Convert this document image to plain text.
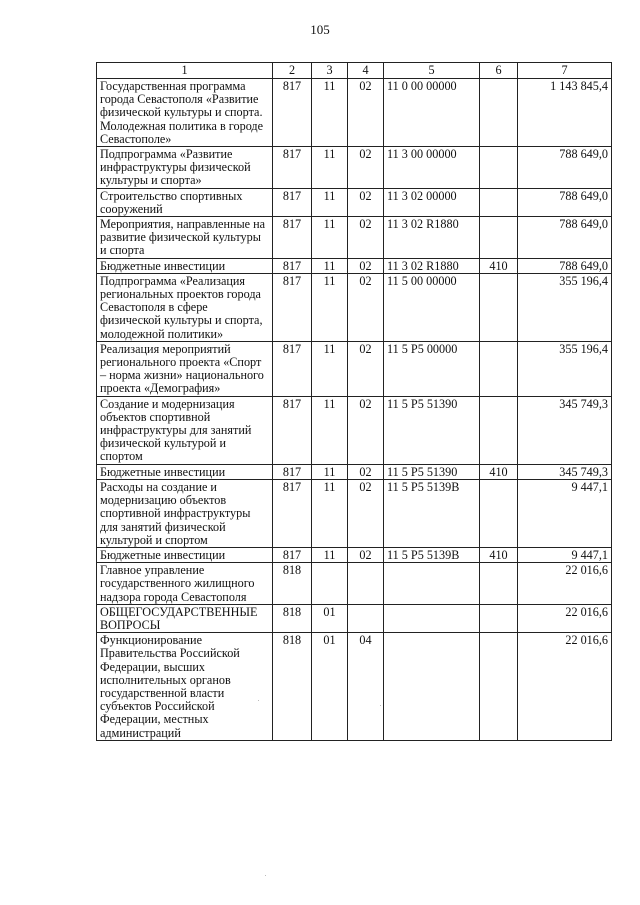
105
1	2	3	4	5	6	7
Государственная программа города Севастополя «Развитие физической культуры и спорта. Молодежная политика в городе Севастополе»	817	11	02	11 0 00 00000		1 143 845,4
Подпрограмма «Развитие инфраструктуры физической культуры и спорта»	817	11	02	11 3 00 00000		788 649,0
Строительство спортивных сооружений	817	11	02	11 3 02 00000		788 649,0
Мероприятия, направленные на развитие физической культуры и спорта	817	11	02	11 3 02 R1880		788 649,0
Бюджетные инвестиции	817	11	02	11 3 02 R1880	410	788 649,0
Подпрограмма «Реализация региональных проектов города Севастополя в сфере физической культуры и спорта, молодежной политики»	817	11	02	11 5 00 00000		355 196,4
Реализация мероприятий регионального проекта «Спорт – норма жизни» национального проекта «Демография»	817	11	02	11 5 Р5 00000		355 196,4
Создание и модернизация объектов спортивной инфраструктуры для занятий физической культурой и спортом	817	11	02	11 5 Р5 51390		345 749,3
Бюджетные инвестиции	817	11	02	11 5 Р5 51390	410	345 749,3
Расходы на создание и модернизацию объектов спортивной инфраструктуры для занятий физической культурой и спортом	817	11	02	11 5 Р5 5139В		9 447,1
Бюджетные инвестиции	817	11	02	11 5 Р5 5139В	410	9 447,1
Главное управление государственного жилищного надзора города Севастополя	818					22 016,6
ОБЩЕГОСУДАРСТВЕННЫЕ ВОПРОСЫ	818	01				22 016,6
Функционирование Правительства Российской Федерации, высших исполнительных органов государственной власти субъектов Российской Федерации, местных администраций	818	01	04			22 016,6
